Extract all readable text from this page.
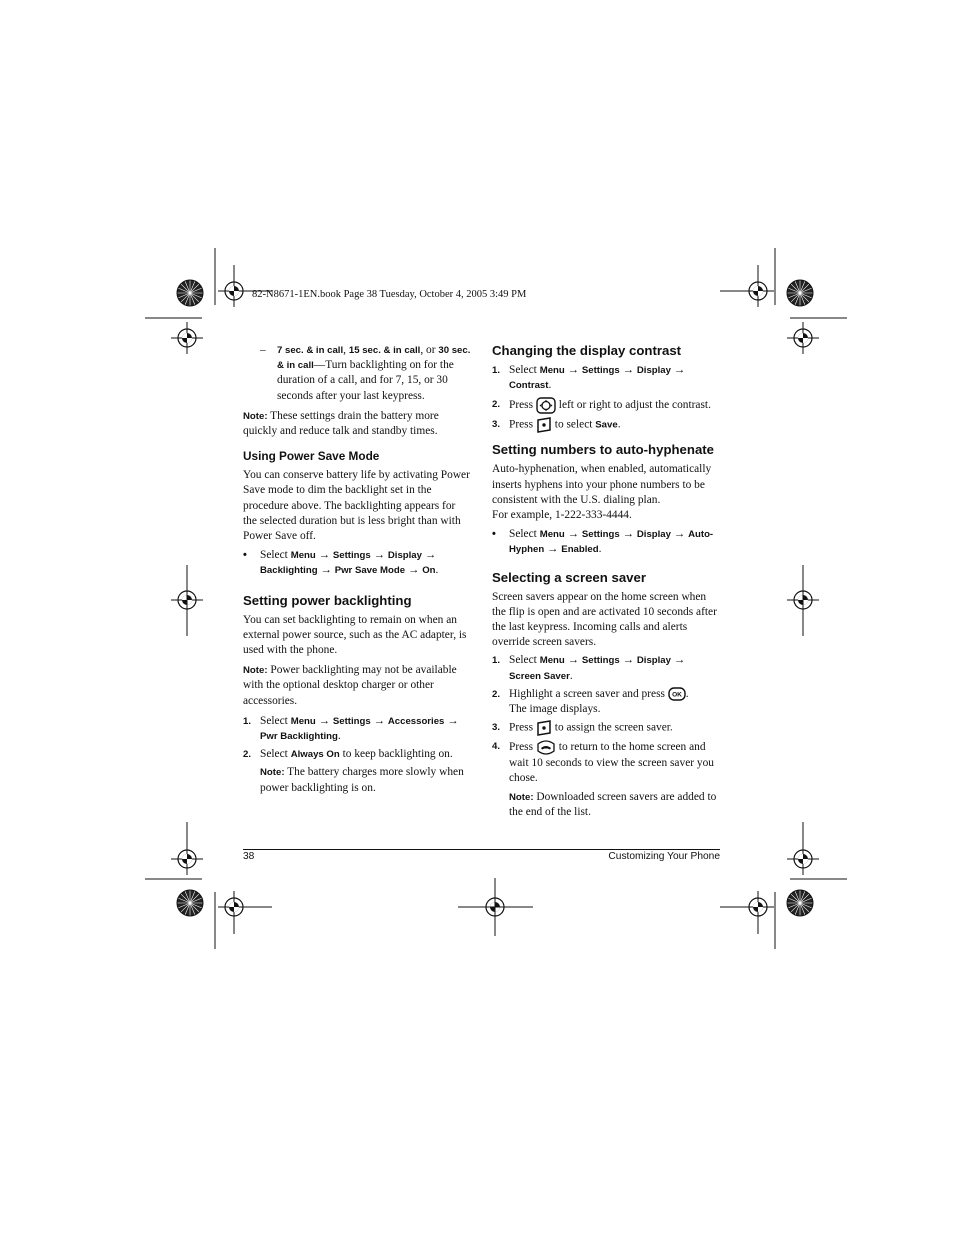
82-N8671-1EN.book Page 38 Tuesday, October 4, 2005 3:49 PM
– 7 sec. & in call, 15 sec. & in call, or 30 sec. & in call—Turn backlighting on for the duration of a call, and for 7, 15, or 30 seconds after your last keypress.

Note: These settings drain the battery more quickly and reduce talk and standby times.

Using Power Save Mode

You can conserve battery life by activating Power Save mode to dim the backlight set in the procedure above. The backlighting appears for the selected duration but is less bright than with Power Save off.

• Select Menu → Settings → Display → Backlighting → Pwr Save Mode → On.

Setting power backlighting

You can set backlighting to remain on when an external power source, such as the AC adapter, is used with the phone.

Note: Power backlighting may not be available with the optional desktop charger or other accessories.

1. Select Menu → Settings → Accessories → Pwr Backlighting.

2. Select Always On to keep backlighting on.

Note: The battery charges more slowly when power backlighting is on.

Changing the display contrast

1. Select Menu → Settings → Display → Contrast.

2. Press left or right to adjust the contrast.

3. Press to select Save.

Setting numbers to auto-hyphenate

Auto-hyphenation, when enabled, automatically inserts hyphens into your phone numbers to be consistent with the U.S. dialing plan.

For example, 1-222-333-4444.

• Select Menu → Settings → Display → Auto-Hyphen → Enabled.

Selecting a screen saver

Screen savers appear on the home screen when the flip is open and are activated 10 seconds after the last keypress. Incoming calls and alerts override screen savers.

1. Select Menu → Settings → Display → Screen Saver.

2. Highlight a screen saver and press OK .
The image displays.

3. Press to assign the screen saver.

4. Press to return to the home screen and wait 10 seconds to view the screen saver you chose.

Note: Downloaded screen savers are added to the end of the list.

38	Customizing Your Phone
